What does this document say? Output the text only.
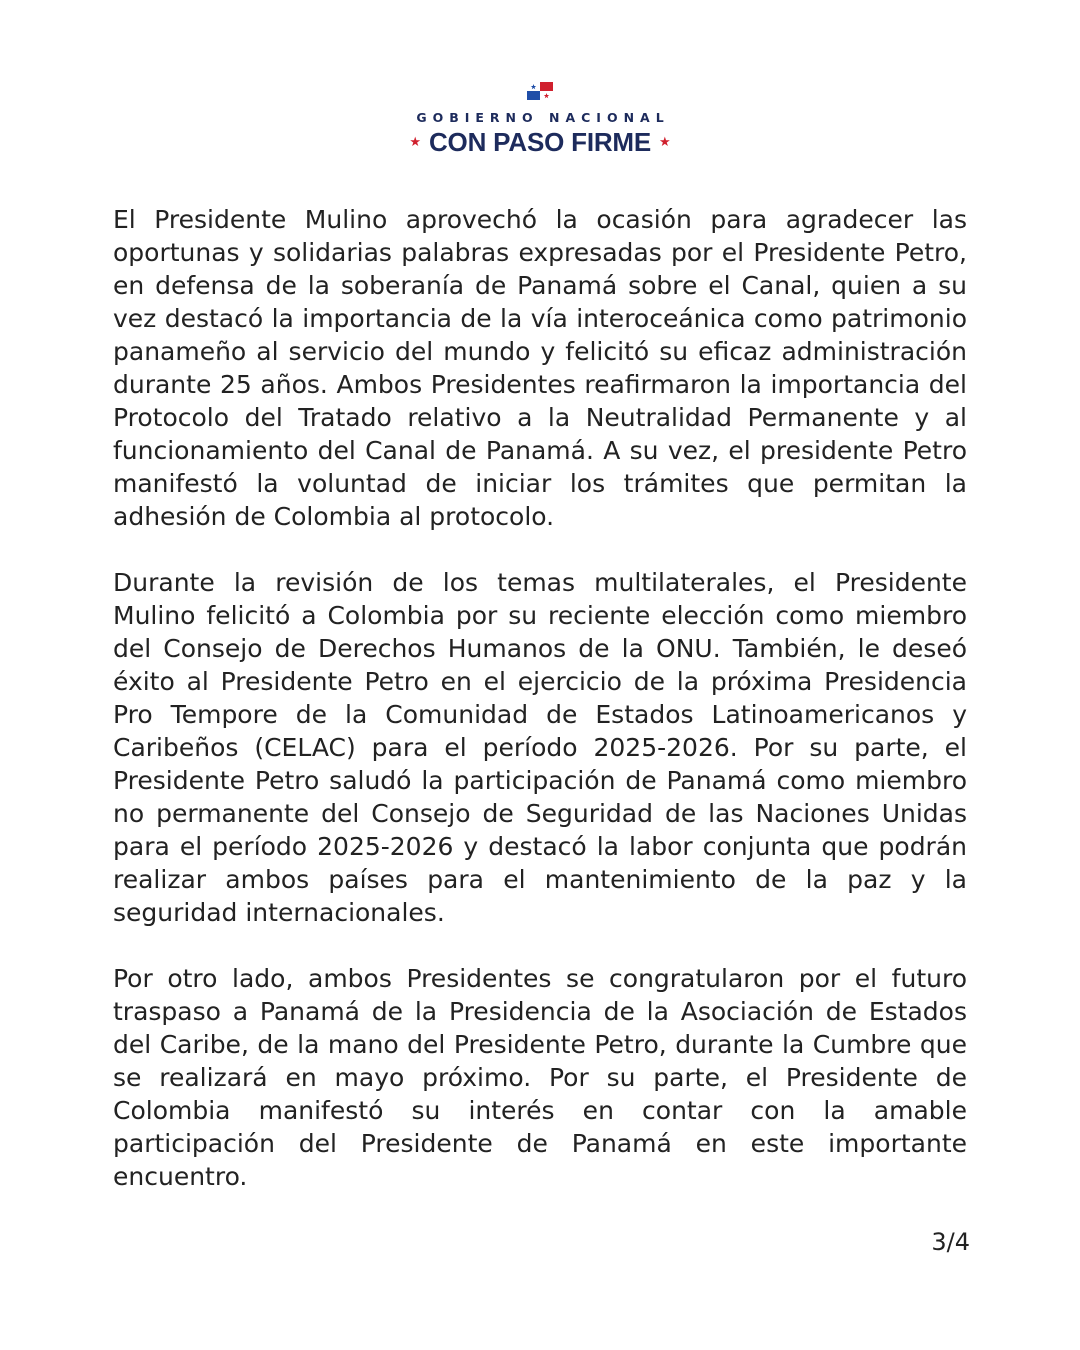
GOBIERNO NACIONAL
★ CON PASO FIRME ★

El Presidente Mulino aprovechó la ocasión para agradecer las oportunas y solidarias palabras expresadas por el Presidente Petro, en defensa de la soberanía de Panamá sobre el Canal, quien a su vez destacó la importancia de la vía interoceánica como patrimonio panameño al servicio del mundo y felicitó su eficaz administración durante 25 años. Ambos Presidentes reafirmaron la importancia del Protocolo del Tratado relativo a la Neutralidad Permanente y al funcionamiento del Canal de Panamá. A su vez, el presidente Petro manifestó la voluntad de iniciar los trámites que permitan la adhesión de Colombia al protocolo.

Durante la revisión de los temas multilaterales, el Presidente Mulino felicitó a Colombia por su reciente elección como miembro del Consejo de Derechos Humanos de la ONU. También, le deseó éxito al Presidente Petro en el ejercicio de la próxima Presidencia Pro Tempore de la Comunidad de Estados Latinoamericanos y Caribeños (CELAC) para el período 2025-2026. Por su parte, el Presidente Petro saludó la participación de Panamá como miembro no permanente del Consejo de Seguridad de las Naciones Unidas para el período 2025-2026 y destacó la labor conjunta que podrán realizar ambos países para el mantenimiento de la paz y la seguridad internacionales.

Por otro lado, ambos Presidentes se congratularon por el futuro traspaso a Panamá de la Presidencia de la Asociación de Estados del Caribe, de la mano del Presidente Petro, durante la Cumbre que se realizará en mayo próximo. Por su parte, el Presidente de Colombia manifestó su interés en contar con la amable participación del Presidente de Panamá en este importante encuentro.

3/4
